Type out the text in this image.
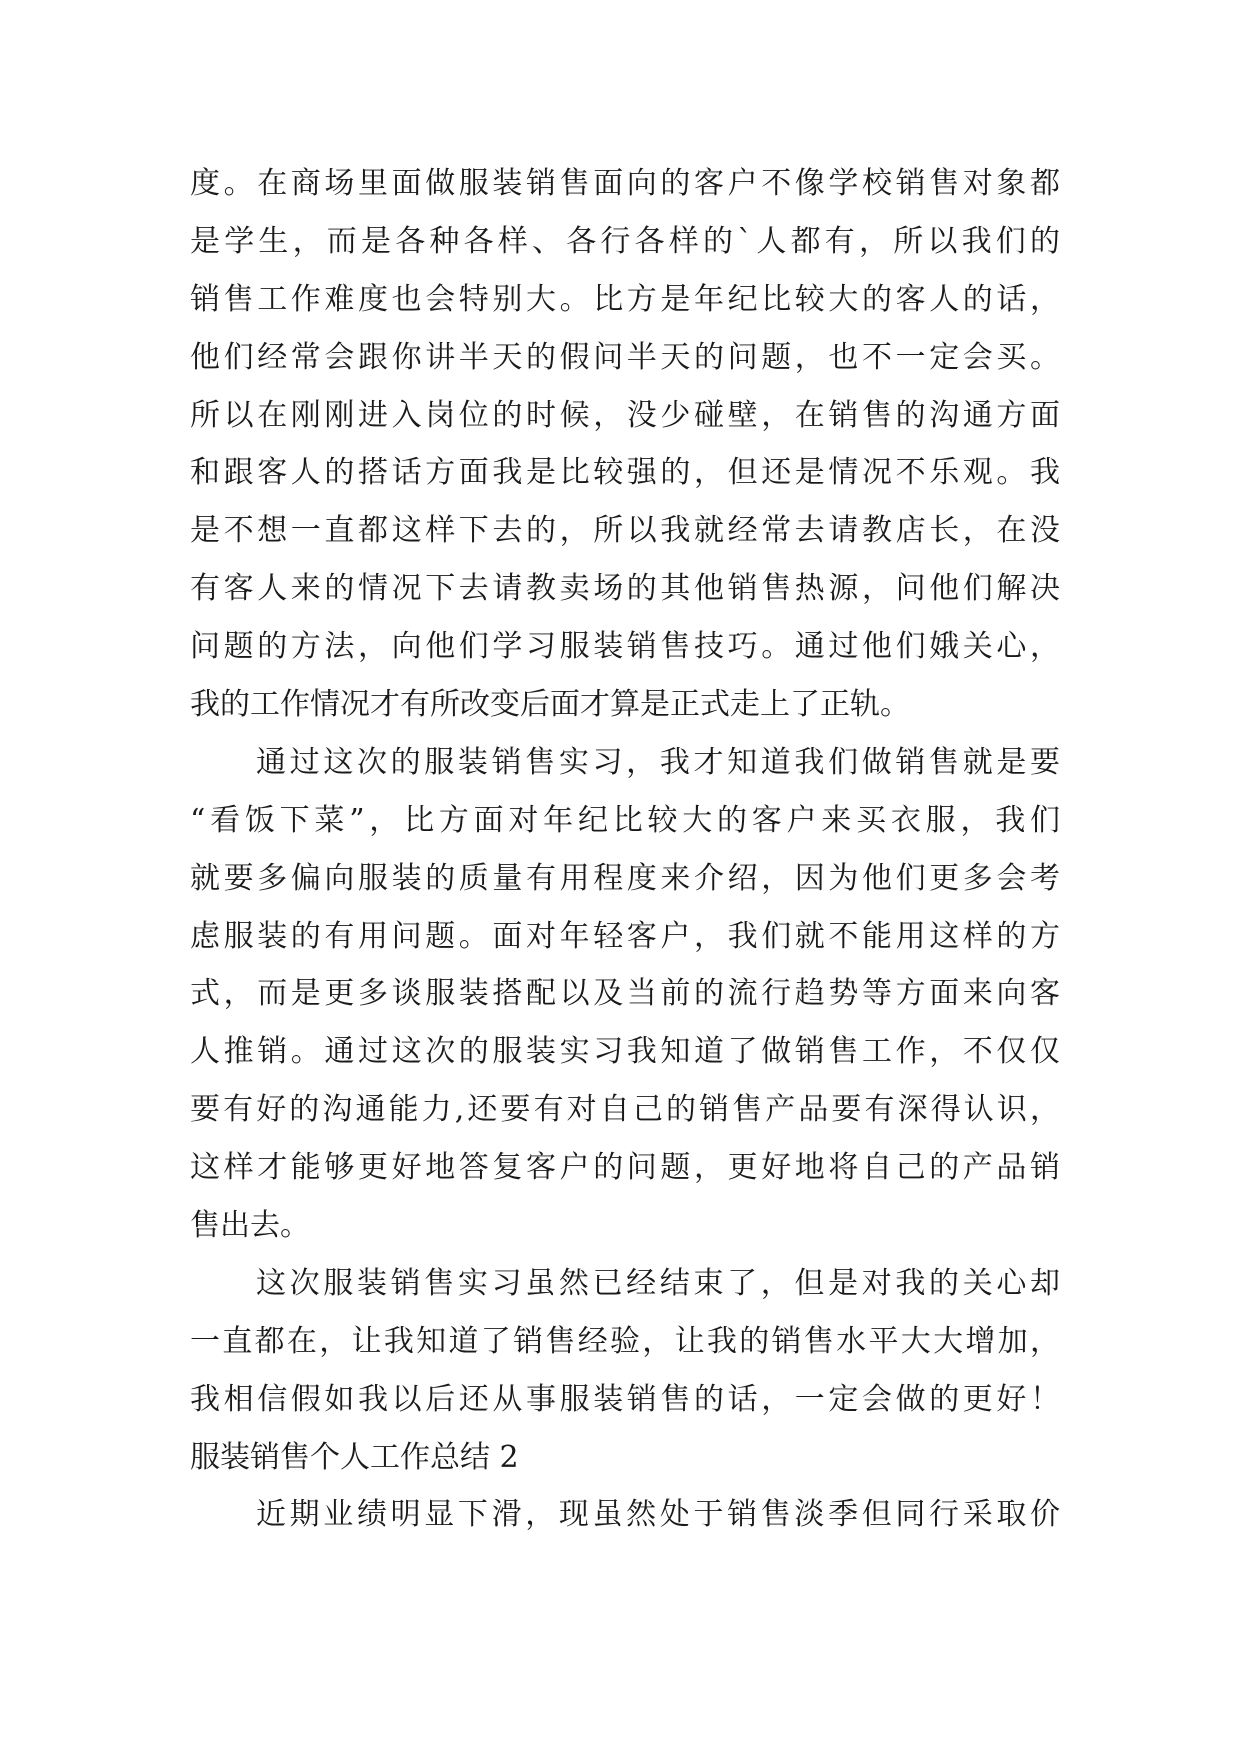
度。在商场里面做服装销售面向的客户不像学校销售对象都
是学生，而是各种各样、各行各样的`人都有，所以我们的
销售工作难度也会特别大。比方是年纪比较大的客人的话，
他们经常会跟你讲半天的假问半天的问题，也不一定会买。
所以在刚刚进入岗位的时候，没少碰壁，在销售的沟通方面
和跟客人的搭话方面我是比较强的，但还是情况不乐观。我
是不想一直都这样下去的，所以我就经常去请教店长，在没
有客人来的情况下去请教卖场的其他销售热源，问他们解决
问题的方法，向他们学习服装销售技巧。通过他们娥关心，
我的工作情况才有所改变后面才算是正式走上了正轨。
通过这次的服装销售实习，我才知道我们做销售就是要
“看饭下菜”，比方面对年纪比较大的客户来买衣服，我们
就要多偏向服装的质量有用程度来介绍，因为他们更多会考
虑服装的有用问题。面对年轻客户，我们就不能用这样的方
式，而是更多谈服装搭配以及当前的流行趋势等方面来向客
人推销。通过这次的服装实习我知道了做销售工作，不仅仅
要有好的沟通能力,还要有对自己的销售产品要有深得认识，
这样才能够更好地答复客户的问题，更好地将自己的产品销
售出去。
这次服装销售实习虽然已经结束了，但是对我的关心却
一直都在，让我知道了销售经验，让我的销售水平大大增加，
我相信假如我以后还从事服装销售的话，一定会做的更好！
服装销售个人工作总结 2
近期业绩明显下滑，现虽然处于销售淡季但同行采取价
